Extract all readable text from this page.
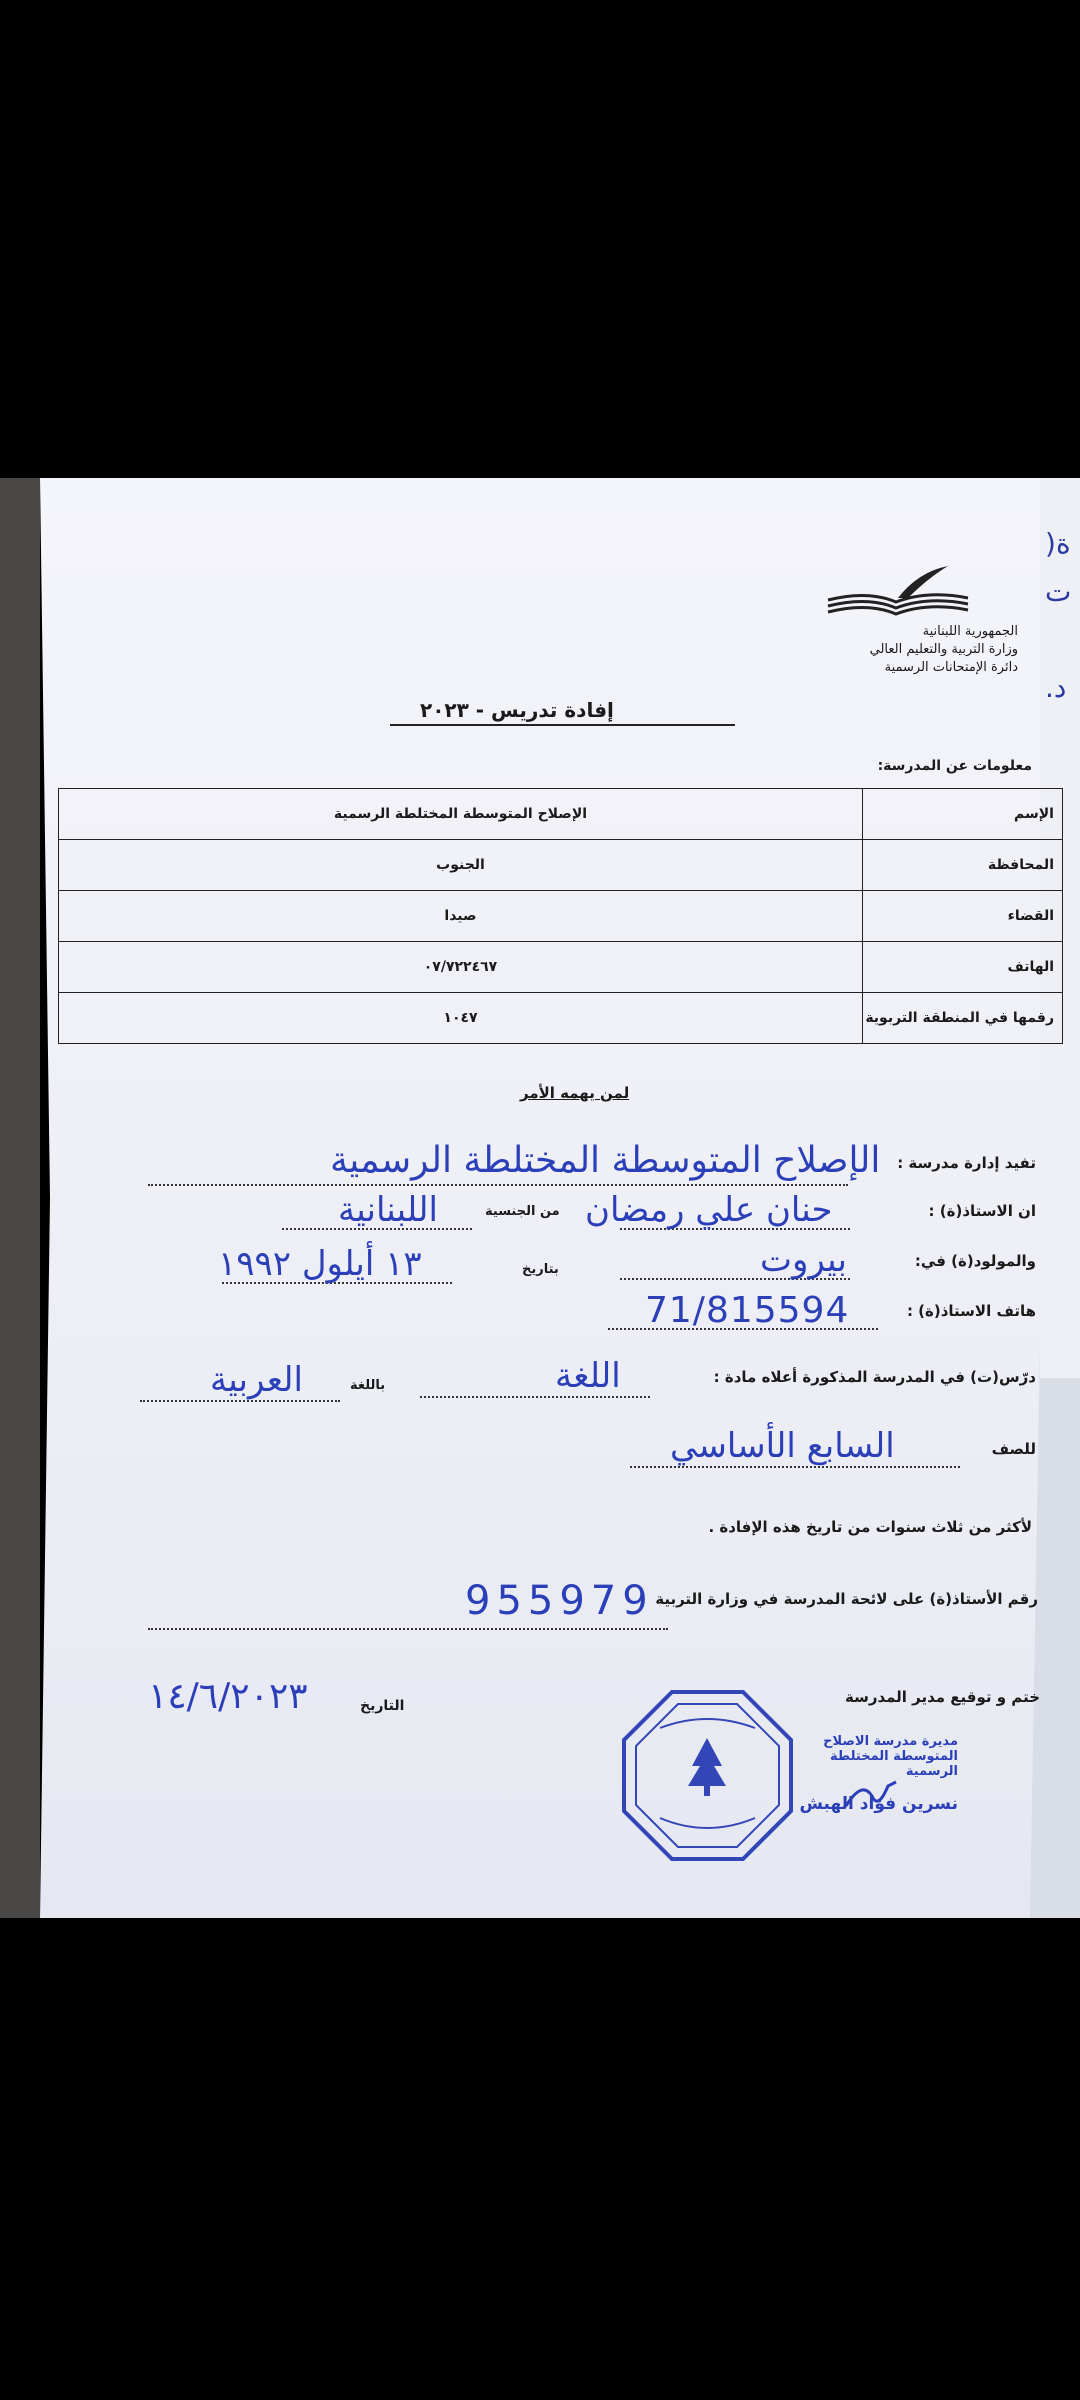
)ة
ت

.د
الجمهورية اللبنانية
وزارة التربية والتعليم العالي
دائرة الإمتحانات الرسمية
إفادة تدريس - ٢٠٢٣
معلومات عن المدرسة:
الإسم	الإصلاح المتوسطة المختلطة الرسمية
المحافظة	الجنوب
القضاء	صيدا
الهاتف	٠٧/٧٢٢٤٦٧
رقمها في المنطقة التربوية	١٠٤٧
لمن يهمه الأمر
تفيد إدارة مدرسة :
الإصلاح المتوسطة المختلطة الرسمية
ان الاستاذ(ة) :
حنان علي رمضان
من الجنسية
اللبنانية
والمولود(ة) في:
بيروت
بتاريخ
١٣ أيلول ١٩٩٢
هاتف الاستاذ(ة) :
71/815594
درّس(ت) في المدرسة المذكورة أعلاه مادة :
اللغة
باللغة
العربية
للصف
السابع الأساسي
لأكثر من ثلاث سنوات من تاريخ هذه الإفادة .
رقم الأستاذ(ة) على لائحة المدرسة في وزارة التربية
955979
ختم و توقيع مدير المدرسة
التاريخ
١٤/٦/٢٠٢٣
مديرة مدرسة الاصلاح المتوسطة المختلطة الرسمية
نسرين فؤاد الهبش
